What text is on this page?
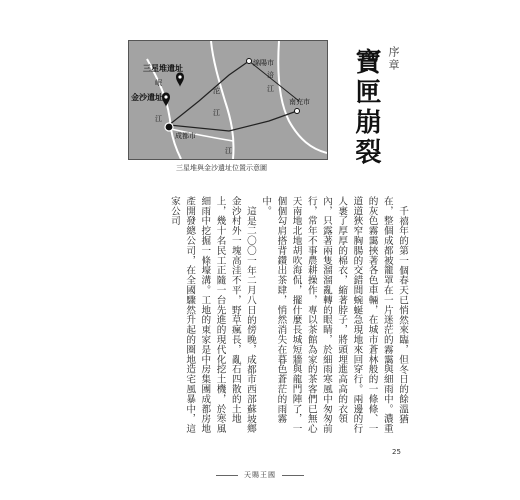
三星堆遺址
綿陽市
金沙遺址
成都市
南充市
岷
江
沱
江
涪
江
江
三星堆與金沙遺址位置示意圖
序章
寶匣崩裂

千禧年的第一個春天已悄然來臨，但冬日的餘溫猶在，整個成都被籠罩在一片迷茫的霧靄與細雨中。濃重的灰色霧靄挾著各色車輛，在城市蒼林般的一條條、一道道狹窄胸腸的交錯間蜿蜒急現地來回穿行。兩邊的行人裹了厚厚的棉衣，縮著脖子，將頭埋進高高的衣領內，只露著兩隻溜溜亂轉的眼睛，於細雨寒風中匆匆前行，常年不事農耕操作，專以茶館為家的茶客們已無心天南地北地胡吹海侃，擺什麼長城短牆與龍門陣了，一個個勾肩搭背鑽出茶肆，悄然消失在暮色蒼茫的雨霧中。

這是二〇〇一年二月八日的傍晚，成都市西部蘇坡鄉金沙村外一塊高洼不平，野草瘋長，亂石四散的土地上，幾十名民工正隨一台先進的現代化挖土機，於寒風細雨中挖掘一條壕溝。工地的東家是中房集團成都房地產開發總公司，在全國驟然升起的圈地造宅風暴中，這家公司

25
天賜王國
